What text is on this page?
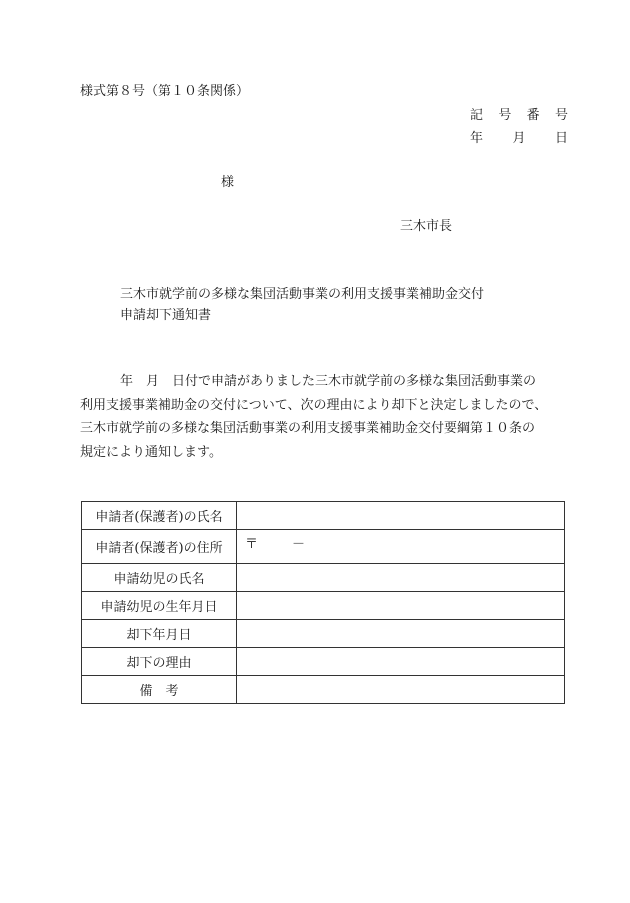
様式第８号（第１０条関係）
記 号 番 号
年 月 日
様
三木市長
三木市就学前の多様な集団活動事業の利用支援事業補助金交付
申請却下通知書
年　月　日付で申請がありました三木市就学前の多様な集団活動事業の
利用支援事業補助金の交付について、次の理由により却下と決定しましたので、
三木市就学前の多様な集団活動事業の利用支援事業補助金交付要綱第１０条の
規定により通知します。
申請者(保護者)の氏名	
申請者(保護者)の住所	〒 －

申請幼児の氏名	
申請幼児の生年月日	
却下年月日	
却下の理由	
備　考	
